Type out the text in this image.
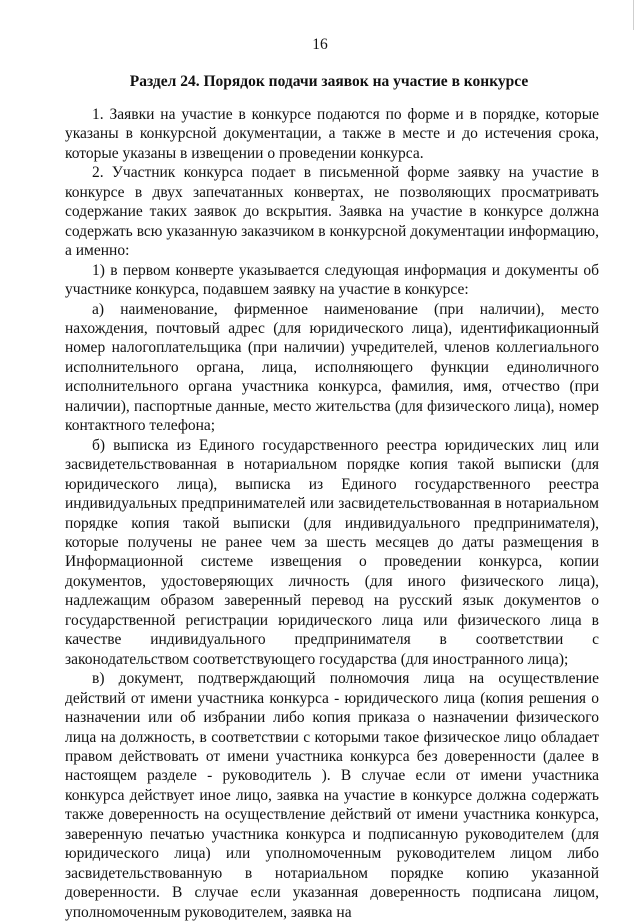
16
Раздел 24. Порядок подачи заявок на участие в конкурсе

1. Заявки на участие в конкурсе подаются по форме и в порядке, которые указаны в конкурсной документации, а также в месте и до истечения срока, которые указаны в извещении о проведении конкурса.

2. Участник конкурса подает в письменной форме заявку на участие в конкурсе в двух запечатанных конвертах, не позволяющих просматривать содержание таких заявок до вскрытия. Заявка на участие в конкурсе должна содержать всю указанную заказчиком в конкурсной документации информацию, а именно:

1) в первом конверте указывается следующая информация и документы об участнике конкурса, подавшем заявку на участие в конкурсе:

а) наименование, фирменное наименование (при наличии), место нахождения, почтовый адрес (для юридического лица), идентификационный номер налогоплательщика (при наличии) учредителей, членов коллегиального исполнительного органа, лица, исполняющего функции единоличного исполнительного органа участника конкурса, фамилия, имя, отчество (при наличии), паспортные данные, место жительства (для физического лица), номер контактного телефона;

б) выписка из Единого государственного реестра юридических лиц или засвидетельствованная в нотариальном порядке копия такой выписки (для юридического лица), выписка из Единого государственного реестра индивидуальных предпринимателей или засвидетельствованная в нотариальном порядке копия такой выписки (для индивидуального предпринимателя), которые получены не ранее чем за шесть месяцев до даты размещения в Информационной системе извещения о проведении конкурса, копии документов, удостоверяющих личность (для иного физического лица), надлежащим образом заверенный перевод на русский язык документов о государственной регистрации юридического лица или физического лица в качестве индивидуального предпринимателя в соответствии с законодательством соответствующего государства (для иностранного лица);

в) документ, подтверждающий полномочия лица на осуществление действий от имени участника конкурса - юридического лица (копия решения о назначении или об избрании либо копия приказа о назначении физического лица на должность, в соответствии с которыми такое физическое лицо обладает правом действовать от имени участника конкурса без доверенности (далее в настоящем разделе - руководитель ). В случае если от имени участника конкурса действует иное лицо, заявка на участие в конкурсе должна содержать также доверенность на осуществление действий от имени участника конкурса, заверенную печатью участника конкурса и подписанную руководителем (для юридического лица) или уполномоченным руководителем лицом либо засвидетельствованную в нотариальном порядке копию указанной доверенности. В случае если указанная доверенность подписана лицом, уполномоченным руководителем, заявка на
